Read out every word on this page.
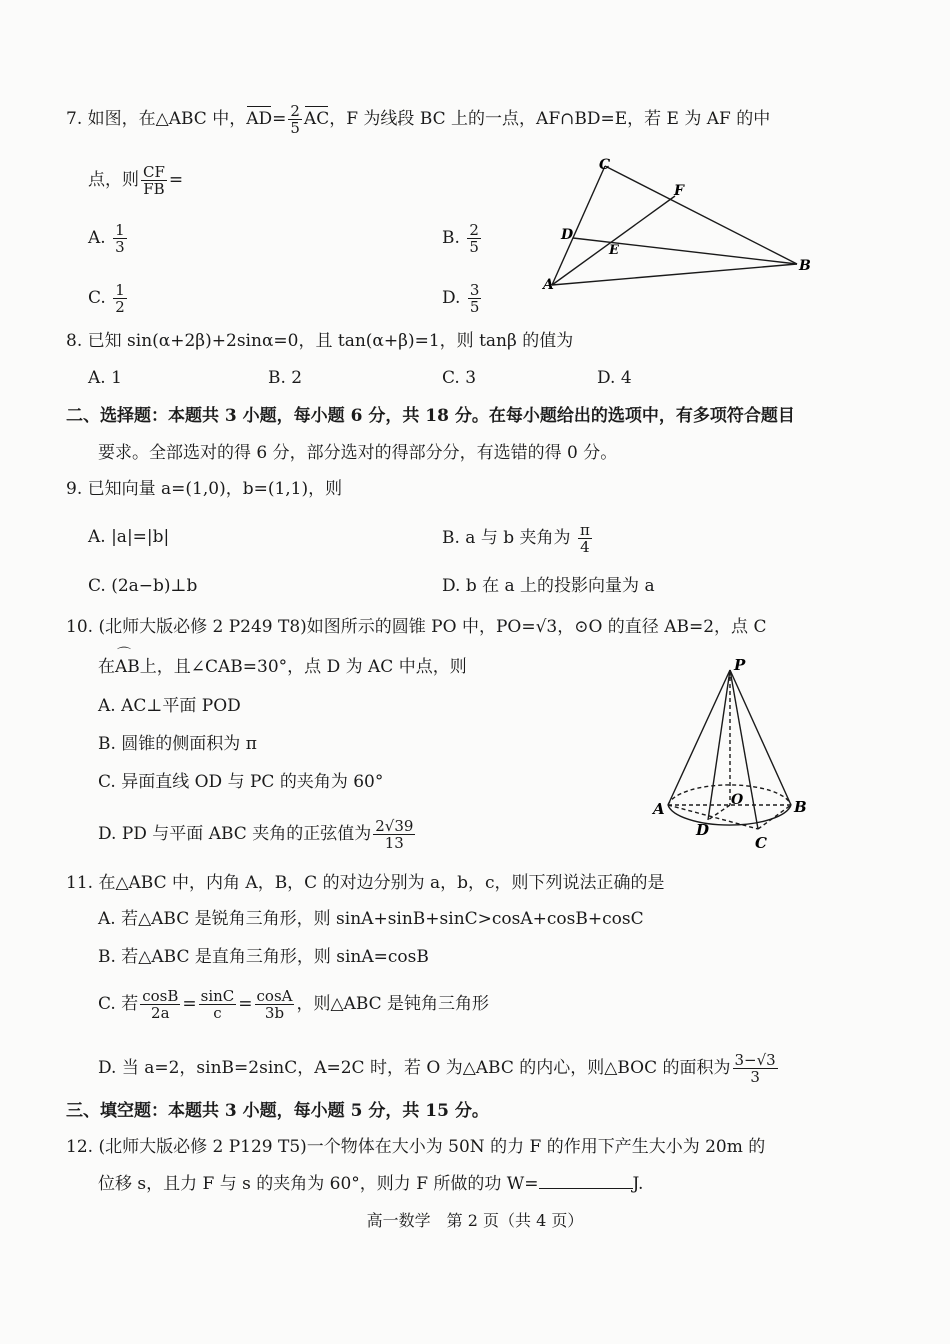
7. 如图，在△ABC 中，$AD= \frac{2}{5}$ AC，F 为线段 BC 上的一点，AF∩BD=E，若 E 为 AF 的中
点，则 $\frac{CF}{FB}$ =
A. $\frac{1}{3}$	B. $\frac{2}{5}$
C. $\frac{1}{2}$	D. $\frac{3}{5}$
C
F
D
E
B
A
8. 已知 sin(α+2β)+2sinα=0，且 tan(α+β)=1，则 tanβ 的值为
A. 1	B. 2	C. 3	D. 4
二、选择题：本题共 3 小题，每小题 6 分，共 18 分。在每小题给出的选项中，有多项符合题目
要求。全部选对的得 6 分，部分选对的得部分分，有选错的得 0 分。
9. 已知向量 a=(1,0)，b=(1,1)，则
A. |a|=|b|	B. a 与 b 夹角为 $\frac{\pi}{4}$
C. (2a−b)⊥b	D. b 在 a 上的投影向量为 a
10. (北师大版必修 2 P249 T8)如图所示的圆锥 PO 中，PO=√3，⊙O 的直径 AB=2，点 C
在⌒ AB上，且∠CAB=30°，点 D 为 AC 中点，则
A. AC⊥平面 POD
B. 圆锥的侧面积为 π
C. 异面直线 OD 与 PC 的夹角为 60°
D. PD 与平面 ABC 夹角的正弦值为 $\frac{2√39}{13}$
P
O
A	B
C
D
11. 在△ABC 中，内角 A，B，C 的对边分别为 a，b，c，则下列说法正确的是
A. 若△ABC 是锐角三角形，则 sinA+sinB+sinC>cosA+cosB+cosC
B. 若△ABC 是直角三角形，则 sinA=cosB
C. 若 $\frac{\cos B}{2a} = \frac{\sin C}{c} = \frac{\cos A}{3b}$ ，则△ABC 是钝角三角形
D. 当 a=2，sinB=2sinC，A=2C 时，若 O 为△ABC 的内心，则△BOC 的面积为 $\frac{3-√3}{3}$
三、填空题：本题共 3 小题，每小题 5 分，共 15 分。
12. (北师大版必修 2 P129 T5)一个物体在大小为 50N 的力 F 的作用下产生大小为 20m 的
位移 s，且力 F 与 s 的夹角为 60°，则力 F 所做的功 W=	J.
高一数学　第 2 页（共 4 页）
